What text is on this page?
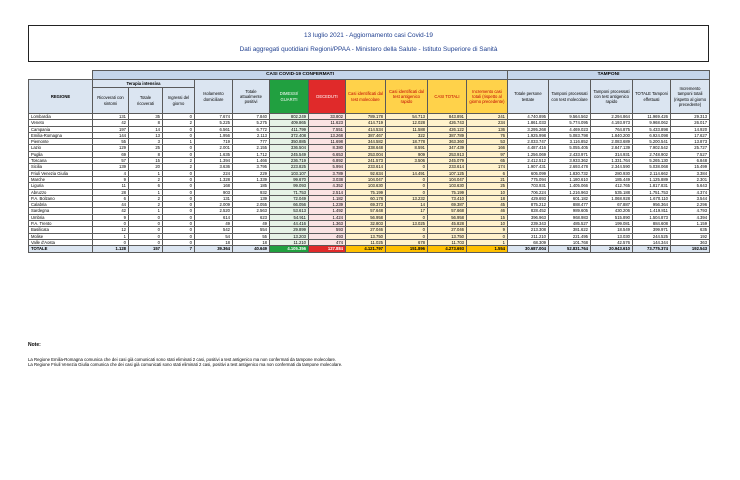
13 luglio 2021 - Aggiornamento casi Covid-19
Dati aggregati quotidiani Regioni/PPAA - Ministero della Salute - Istituto Superiore di Sanità
	CASI COVID-19 CONFERMATI											TAMPONI				
REGIONE	Terapia intensiva			Isolamento domiciliare	Totale attualmente positivi	DIMESSI/ GUARITI	DECEDUTI	Casi identificati dal test molecolare	Casi identificati dal test antigenico rapido	CASI TOTALI	Incremento casi totali (rispetto al giorno precedente)	Totale persone testate	Tamponi processati con test molecolare	Tamponi processati con test antigenico rapido	TOTALE Tamponi effettuati	Incremento tamponi totali (rispetto al giorno precedente)
	Ricoverati con sintomi	Totale ricoverati	Ingressi del giorno													
Lombardia	131	35	0	7.674	7.840	802.249	33.802	789.178	54.713	843.891	241	4.740.895	9.564.562	2.294.864	11.969.426	29.313
Veneto	42	8	2	5.225	5.275	409.865	11.623	414.719	12.028	426.743	234	1.861.033	5.774.095	4.193.973	9.968.062	26.017
Campania	197	14	0	6.561	6.772	411.799	7.551	414.534	11.588	426.122	136	3.295.268	4.469.023	764.875	5.433.898	14.920
Emilia-Romagna	144	13	0	1.956	2.113	372.408	13.268	387.467	322	387.789	76	1.925.998	5.083.798	1.840.200	6.924.098	17.627
Piemonte	55	3	1	719	777	350.885	11.698	344.582	18.778	363.360	53	2.033.747	3.116.852	2.083.689	5.200.541	13.873
Lazio	129	25	0	2.001	2.155	336.504	8.380	338.648	8.591	347.439	166	4.487.416	5.055.405	2.847.139	7.902.542	25.727
Puglia	69	8	0	1.635	1.712	245.549	6.653	253.004	909	253.913	97	1.256.069	2.433.971	314.931	2.748.902	7.527
Toscana	57	15	2	1.394	1.466	236.719	6.892	241.573	3.506	245.079	65	2.412.512	3.933.362	1.331.764	5.265.130	6.848
Sicilia	139	20	2	3.636	3.795	223.825	5.994	233.614	0	233.614	174	1.907.431	2.693.478	2.344.590	5.038.068	15.499
Friuli Venezia Giulia	4	1	0	224	229	103.107	3.789	92.634	14.491	107.125	6	605.099	1.830.732	280.930	2.114.662	3.384
Marche	9	2	0	1.328	1.339	99.670	3.038	104.047	0	104.047	21	775.094	1.180.610	185.449	1.125.889	2.301
Liguria	11	6	0	168	185	99.093	4.352	103.630	0	103.630	25	703.931	1.405.066	412.765	1.817.831	5.643
Abruzzo	28	1	0	903	932	71.753	2.514	75.199	0	75.199	10	706.224	1.216.963	535.188	1.751.753	4.374
P.A. Bolzano	6	2	0	131	139	72.049	1.182	60.178	13.232	73.410	18	429.693	601.182	1.068.928	1.670.110	3.544
Calabria	44	2	0	2.009	2.055	66.056	1.239	69.373	14	69.387	45	875.212	888.477	67.887	956.364	2.296
Sardegna	42	1	0	2.520	2.563	53.613	1.492	57.648	17	57.668	46	828.452	989.605	430.206	1.419.811	4.793
Umbria	9	0	0	614	623	54.911	1.424	56.958	0	56.958	15	396.963	968.983	515.890	1.504.873	4.394
P.A. Trento	0	0	0	49	49	44.416	1.363	32.803	13.025	45.828	10	239.343	485.527	199.081	884.608	1.159
Basilicata	12	0	0	542	554	29.899	593	27.046	0	27.046	9	213.308	381.622	18.549	399.971	635
Molise	1	0	0	54	55	13.203	493	13.750	0	13.750	0	211.210	221.495	13.030	244.525	192
Valle d'Aosta	0	0	0	18	18	11.210	474	11.025	678	11.703	1	68.309	101.768	42.576	144.344	363
TOTALE	1.128	157	7	39.364	40.649	4.105.356	127.884	4.121.797	151.896	4.273.693	1.554	30.687.004	52.831.764	20.943.610	73.775.374	192.543
Note:
La Regione Emilia-Romagna comunica che dei casi già comunicati sono stati eliminati 2 casi, positivi a test antigenico ma non confermati da tampone molecolare.
La Regione Friuli Venezia Giulia comunica che dei casi già comunicati sono stati eliminati 2 casi, positivi a test antigenico ma non confermati da tampone molecolare.
